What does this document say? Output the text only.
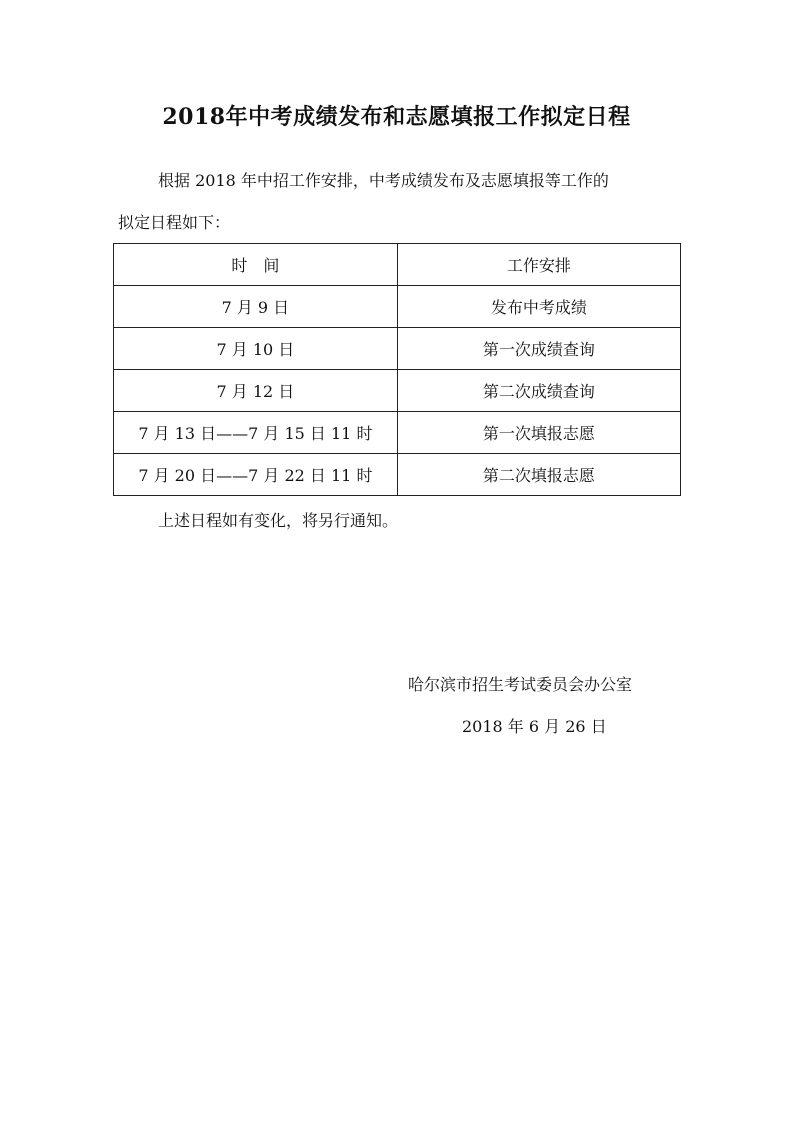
2018年中考成绩发布和志愿填报工作拟定日程
根据 2018 年中招工作安排，中考成绩发布及志愿填报等工作的
拟定日程如下：
时　间	工作安排
7 月 9 日	发布中考成绩
7 月 10 日	第一次成绩查询
7 月 12 日	第二次成绩查询
7 月 13 日——7 月 15 日 11 时	第一次填报志愿
7 月 20 日——7 月 22 日 11 时	第二次填报志愿
上述日程如有变化，将另行通知。
哈尔滨市招生考试委员会办公室
2018 年 6 月 26 日
